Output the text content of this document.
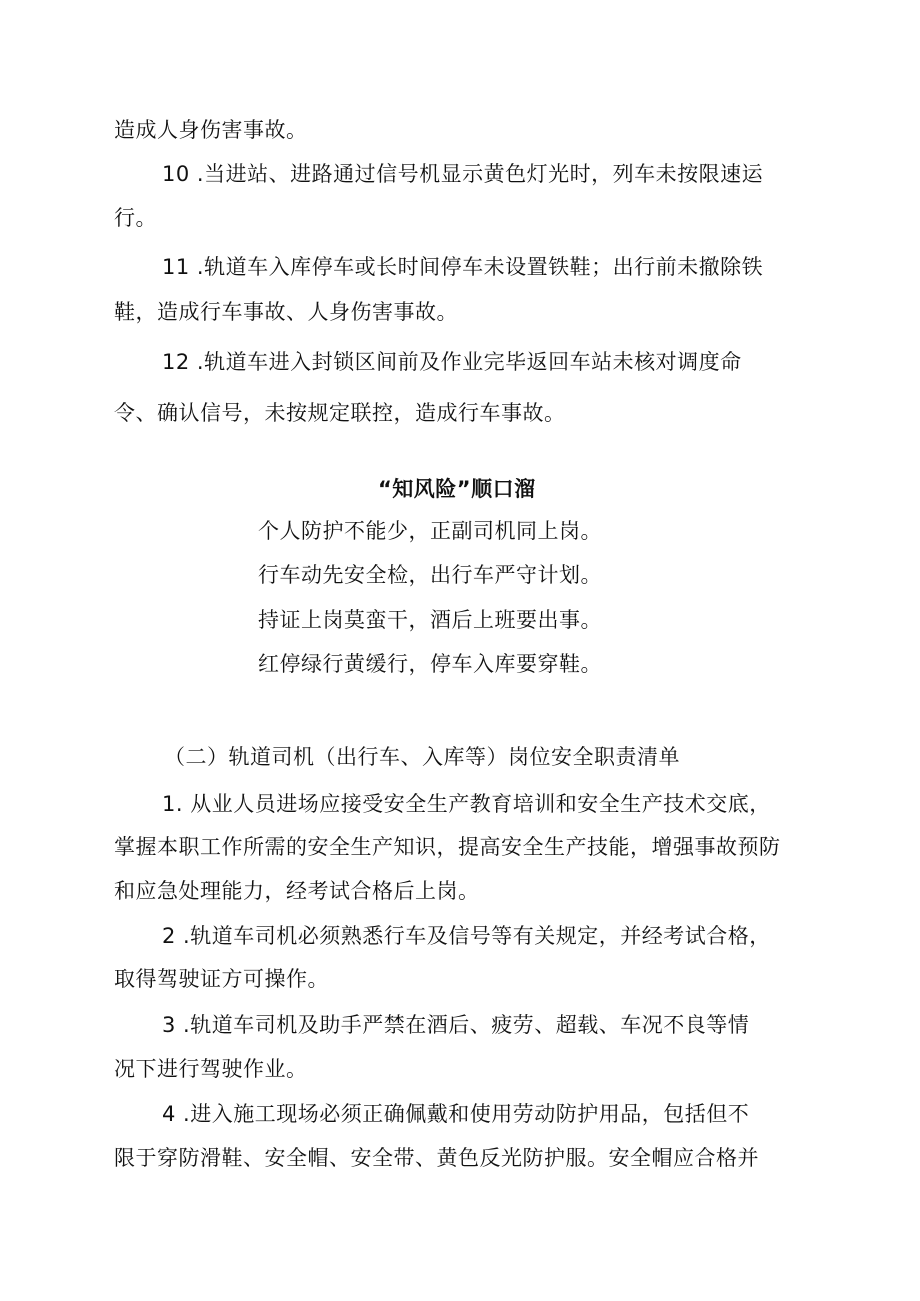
造成人身伤害事故。
10 .当进站、进路通过信号机显示黄色灯光时，列车未按限速运
行。
11 .轨道车入库停车或长时间停车未设置铁鞋；出行前未撤除铁
鞋，造成行车事故、人身伤害事故。
12 .轨道车进入封锁区间前及作业完毕返回车站未核对调度命
令、确认信号，未按规定联控，造成行车事故。
“知风险”顺口溜
个人防护不能少，正副司机同上岗。
行车动先安全检，出行车严守计划。
持证上岗莫蛮干，酒后上班要出事。
红停绿行黄缓行，停车入库要穿鞋。
（二）轨道司机（出行车、入库等）岗位安全职责清单
1. 从业人员进场应接受安全生产教育培训和安全生产技术交底，
掌握本职工作所需的安全生产知识，提高安全生产技能，增强事故预防
和应急处理能力，经考试合格后上岗。
2 .轨道车司机必须熟悉行车及信号等有关规定，并经考试合格，
取得驾驶证方可操作。
3 .轨道车司机及助手严禁在酒后、疲劳、超载、车况不良等情
况下进行驾驶作业。
4 .进入施工现场必须正确佩戴和使用劳动防护用品，包括但不
限于穿防滑鞋、安全帽、安全带、黄色反光防护服。安全帽应合格并
